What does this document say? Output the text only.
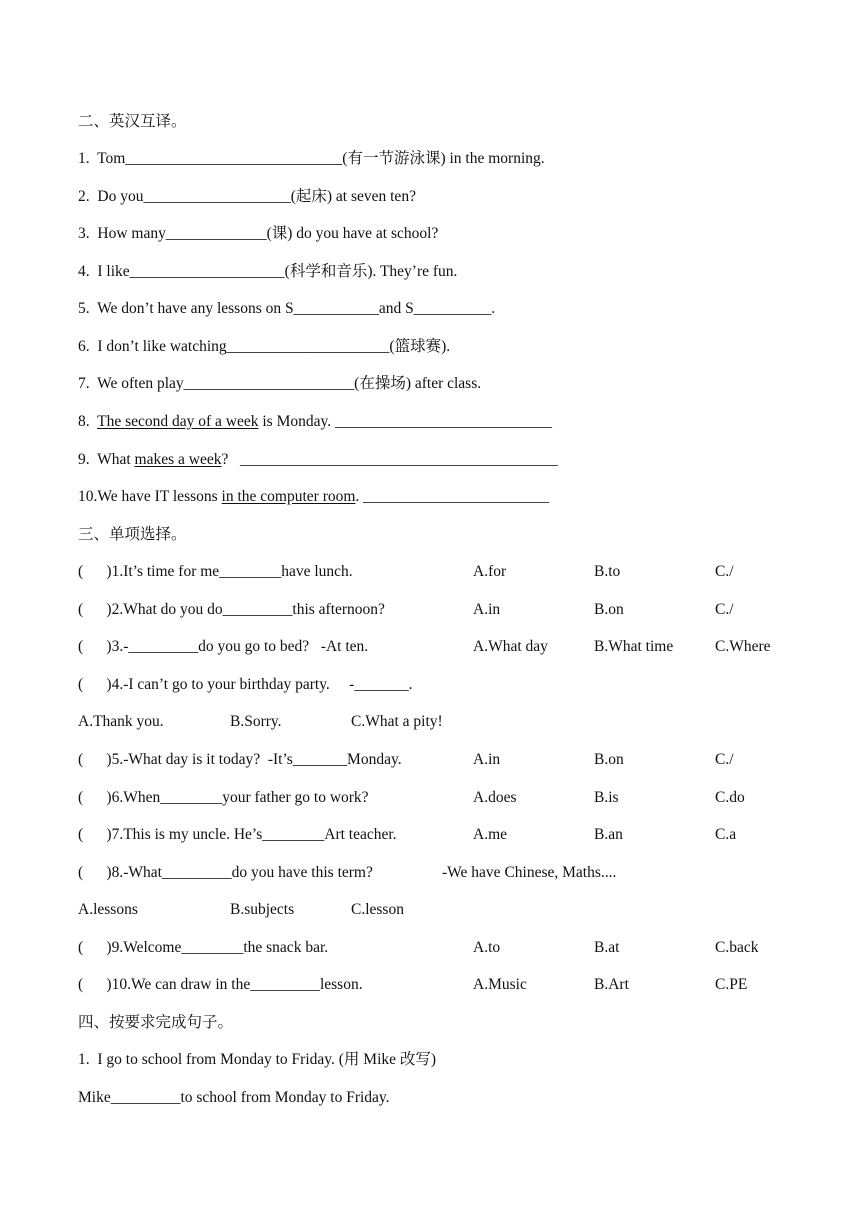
二、英汉互译。
1.  Tom____________________________(有一节游泳课) in the morning.
2.  Do you___________________(起床) at seven ten?
3.  How many_____________(课) do you have at school?
4.  I like____________________(科学和音乐). They’re fun.
5.  We don’t have any lessons on S___________and S__________.
6.  I don’t like watching_____________________(篮球赛).
7.  We often play______________________(在操场) after class.
8.  The second day of a week is Monday. ____________________________
9.  What makes a week?   _________________________________________
10.We have IT lessons in the computer room. ________________________
三、单项选择。
(      )1.It’s time for me________have lunch.	A.for	B.to	C./
(      )2.What do you do_________this afternoon?	A.in	B.on	C./
(      )3.-_________do you go to bed?   -At ten.	A.What day	B.What time	C.Where
(      )4.-I can’t go to your birthday party.     -_______.
A.Thank you.	B.Sorry.	C.What a pity!
(      )5.-What day is it today?  -It’s_______Monday.	A.in	B.on	C./
(      )6.When________your father go to work?	A.does	B.is	C.do
(      )7.This is my uncle. He’s________Art teacher.	A.me	B.an	C.a
(      )8.-What_________do you have this term?	-We have Chinese, Maths....
A.lessons	B.subjects	C.lesson
(      )9.Welcome________the snack bar.	A.to	B.at	C.back
(      )10.We can draw in the_________lesson.	A.Music	B.Art	C.PE
四、按要求完成句子。
1.  I go to school from Monday to Friday. (用 Mike 改写)
Mike_________to school from Monday to Friday.
